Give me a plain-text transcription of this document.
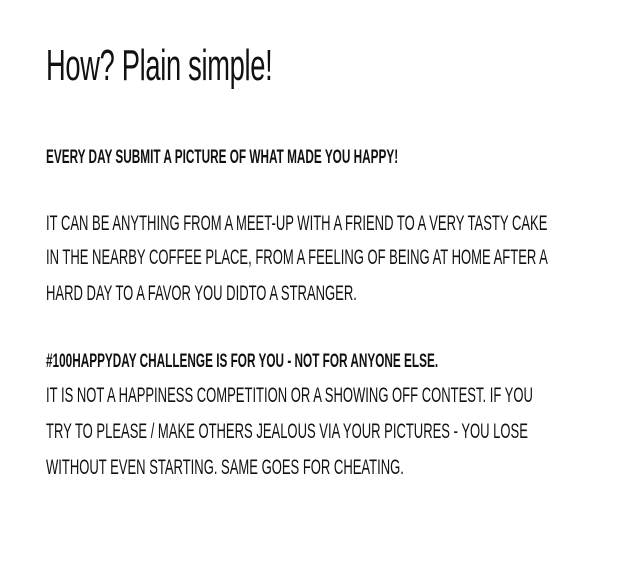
How? Plain simple!

EVERY DAY SUBMIT A PICTURE OF WHAT MADE YOU HAPPY!

IT CAN BE ANYTHING FROM A MEET-UP WITH A FRIEND TO A VERY TASTY CAKE

IN THE NEARBY COFFEE PLACE, FROM A FEELING OF BEING AT HOME AFTER A

HARD DAY TO A FAVOR YOU DIDTO A STRANGER.

#100HAPPYDAY CHALLENGE IS FOR YOU - NOT FOR ANYONE ELSE.

IT IS NOT A HAPPINESS COMPETITION OR A SHOWING OFF CONTEST. IF YOU

TRY TO PLEASE / MAKE OTHERS JEALOUS VIA YOUR PICTURES - YOU LOSE

WITHOUT EVEN STARTING. SAME GOES FOR CHEATING.
